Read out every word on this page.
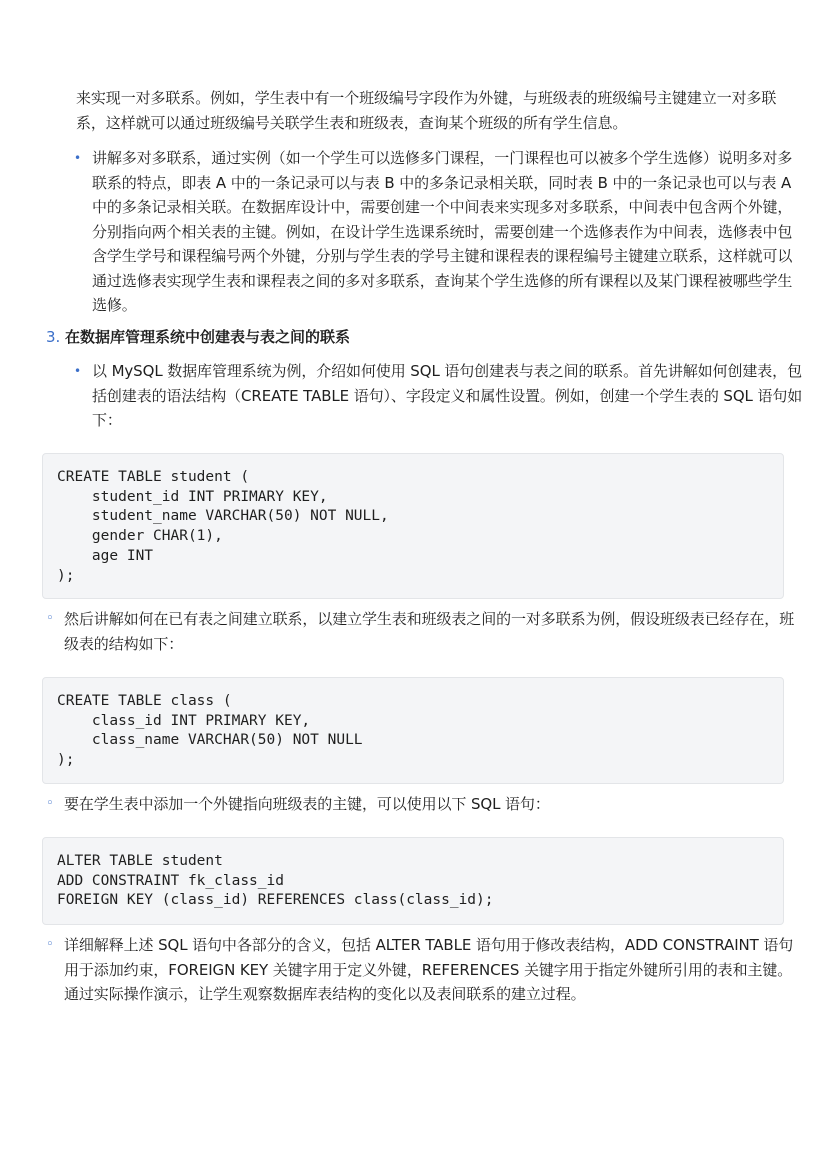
来实现一对多联系。例如，学生表中有一个班级编号字段作为外键，与班级表的班级编号主键建立一对多联系，这样就可以通过班级编号关联学生表和班级表，查询某个班级的所有学生信息。

• 讲解多对多联系，通过实例（如一个学生可以选修多门课程，一门课程也可以被多个学生选修）说明多对多联系的特点，即表 A 中的一条记录可以与表 B 中的多条记录相关联，同时表 B 中的一条记录也可以与表 A 中的多条记录相关联。在数据库设计中，需要创建一个中间表来实现多对多联系，中间表中包含两个外键，分别指向两个相关表的主键。例如，在设计学生选课系统时，需要创建一个选修表作为中间表，选修表中包含学生学号和课程编号两个外键，分别与学生表的学号主键和课程表的课程编号主键建立联系，这样就可以通过选修表实现学生表和课程表之间的多对多联系，查询某个学生选修的所有课程以及某门课程被哪些学生选修。

3. 在数据库管理系统中创建表与表之间的联系
• 以 MySQL 数据库管理系统为例，介绍如何使用 SQL 语句创建表与表之间的联系。首先讲解如何创建表，包括创建表的语法结构（CREATE TABLE 语句）、字段定义和属性设置。例如，创建一个学生表的 SQL 语句如下：

CREATE TABLE student (
student_id INT PRIMARY KEY,
student_name VARCHAR(50) NOT NULL,
gender CHAR(1),
age INT
);
◦ 然后讲解如何在已有表之间建立联系，以建立学生表和班级表之间的一对多联系为例，假设班级表已经存在，班级表的结构如下：

CREATE TABLE class (
class_id INT PRIMARY KEY,
class_name VARCHAR(50) NOT NULL
);
◦ 要在学生表中添加一个外键指向班级表的主键，可以使用以下 SQL 语句：

ALTER TABLE student
ADD CONSTRAINT fk_class_id
FOREIGN KEY (class_id) REFERENCES class(class_id);
◦ 详细解释上述 SQL 语句中各部分的含义，包括 ALTER TABLE 语句用于修改表结构，ADD CONSTRAINT 语句用于添加约束，FOREIGN KEY 关键字用于定义外键，REFERENCES 关键字用于指定外键所引用的表和主键。通过实际操作演示，让学生观察数据库表结构的变化以及表间联系的建立过程。
